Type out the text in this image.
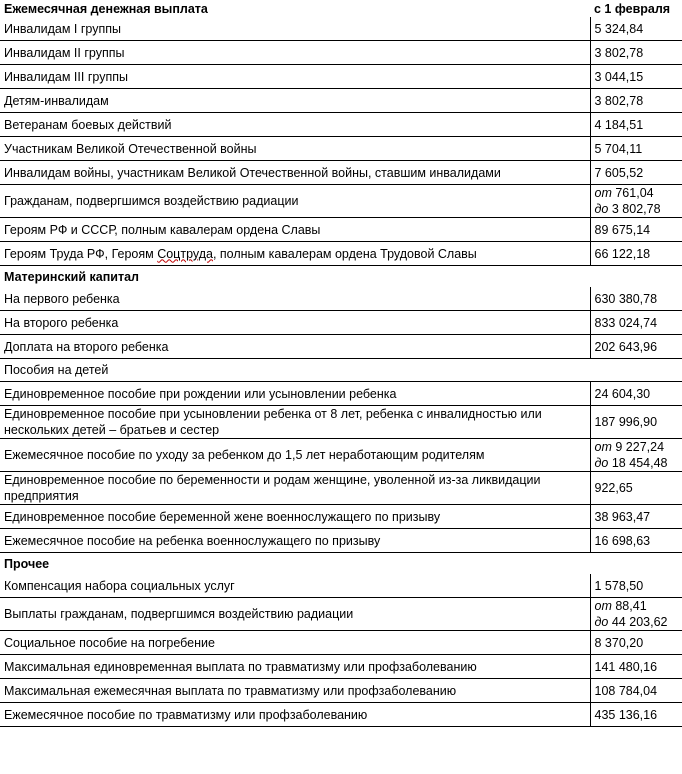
Ежемесячная денежная выплата	с 1 февраля
Инвалидам I группы	5 324,84
Инвалидам II группы	3 802,78
Инвалидам III группы	3 044,15
Детям-инвалидам	3 802,78
Ветеранам боевых действий	4 184,51
Участникам Великой Отечественной войны	5 704,11
Инвалидам войны, участникам Великой Отечественной войны, ставшим инвалидами	7 605,52
Гражданам, подвергшимся воздействию радиации	от 761,04
до 3 802,78

Героям РФ и СССР, полным кавалерам ордена Славы	89 675,14
Героям Труда РФ, Героям Соцтруда, полным кавалерам ордена Трудовой Славы	66 122,18
Материнский капитал	
На первого ребенка	630 380,78
На второго ребенка	833 024,74
Доплата на второго ребенка	202 643,96
Пособия на детей	
Единовременное пособие при рождении или усыновлении ребенка	24 604,30
Единовременное пособие при усыновлении ребенка от 8 лет, ребенка с инвалидностью или нескольких детей – братьев и сестер	187 996,90
Ежемесячное пособие по уходу за ребенком до 1,5 лет неработающим родителям	от 9 227,24
до 18 454,48

Единовременное пособие по беременности и родам женщине, уволенной из-за ликвидации предприятия	922,65
Единовременное пособие беременной жене военнослужащего по призыву	38 963,47
Ежемесячное пособие на ребенка военнослужащего по призыву	16 698,63
Прочее	
Компенсация набора социальных услуг	1 578,50
Выплаты гражданам, подвергшимся воздействию радиации	от 88,41
до 44 203,62

Социальное пособие на погребение	8 370,20
Максимальная единовременная выплата по травматизму или профзаболеванию	141 480,16
Максимальная ежемесячная выплата по травматизму или профзаболеванию	108 784,04
Ежемесячное пособие по травматизму или профзаболеванию	435 136,16
